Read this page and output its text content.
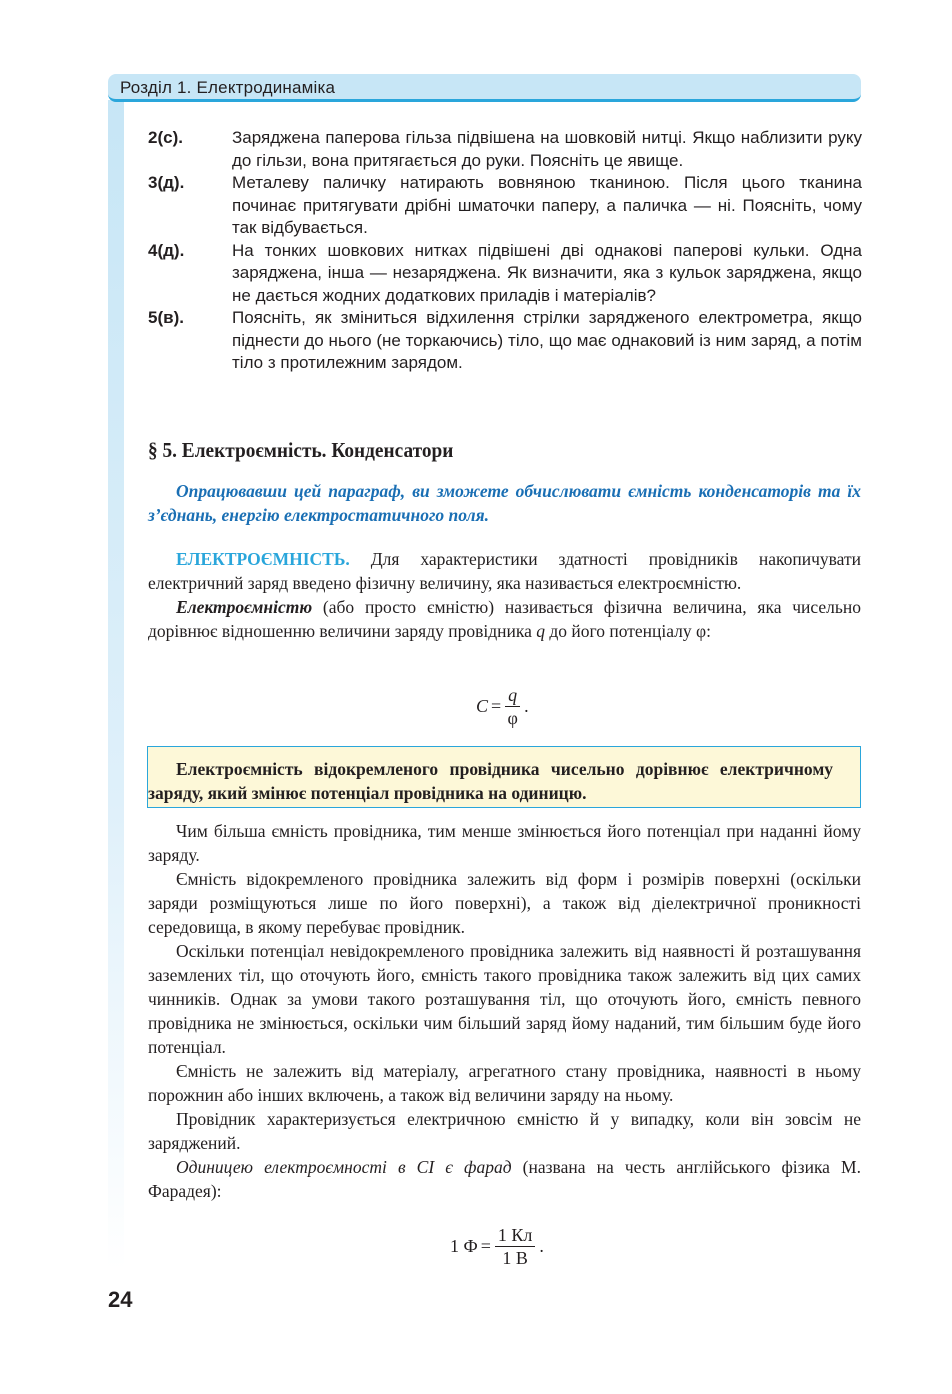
Розділ 1. Електродинаміка
2(с).	Заряджена паперова гільза підвішена на шовковій нитці. Якщо наблизити руку до гільзи, вона притягається до руки. Поясніть це явище.
3(д).	Металеву паличку натирають вовняною тканиною. Після цього тканина починає притягувати дрібні шматочки паперу, а паличка — ні. Поясніть, чому так відбувається.
4(д).	На тонких шовкових нитках підвішені дві однакові паперові кульки. Одна заряджена, інша — незаряджена. Як визначити, яка з кульок заряджена, якщо не дається жодних додаткових приладів і матеріалів?
5(в).	Поясніть, як зміниться відхилення стрілки зарядженого електрометра, якщо піднести до нього (не торкаючись) тіло, що має однаковий із ним заряд, а потім тіло з протилежним зарядом.
§ 5. Електроємність. Конденсатори
Опрацювавши цей параграф, ви зможете обчислювати ємність конденсаторів та їх з’єднань, енергію електростатичного поля.

ЕЛЕКТРОЄМНІСТЬ. Для характеристики здатності провідників накопичувати електричний заряд введено фізичну величину, яка називається електроємністю.

Електроємністю (або просто ємністю) називається фізична величина, яка чисельно дорівнює відношенню величини заряду провідника q до його потенціалу φ:

$C = \frac{q}{\varphi}$ .
Електроємність відокремленого провідника чисельно дорівнює електричному заряду, який змінює потенціал провідника на одиницю.

Чим більша ємність провідника, тим менше змінюється його потенціал при наданні йому заряду.

Ємність відокремленого провідника залежить від форм і розмірів поверхні (оскільки заряди розміщуються лише по його поверхні), а також від діелектричної проникності середовища, в якому перебуває провідник.

Оскільки потенціал невідокремленого провідника залежить від наявності й розташування заземлених тіл, що оточують його, ємність такого провідника також залежить від цих самих чинників. Однак за умови такого розташування тіл, що оточують його, ємність певного провідника не змінюється, оскільки чим більший заряд йому наданий, тим більшим буде його потенціал.

Ємність не залежить від матеріалу, агрегатного стану провідника, наявності в ньому порожнин або інших включень, а також від величини заряду на ньому.

Провідник характеризується електричною ємністю й у випадку, коли він зовсім не заряджений.

Одиницею електроємності в СІ є фарад (названа на честь англійського фізика М. Фарадея):

1 $Ф = \frac{1 Кл}{1 В}$ .
24
